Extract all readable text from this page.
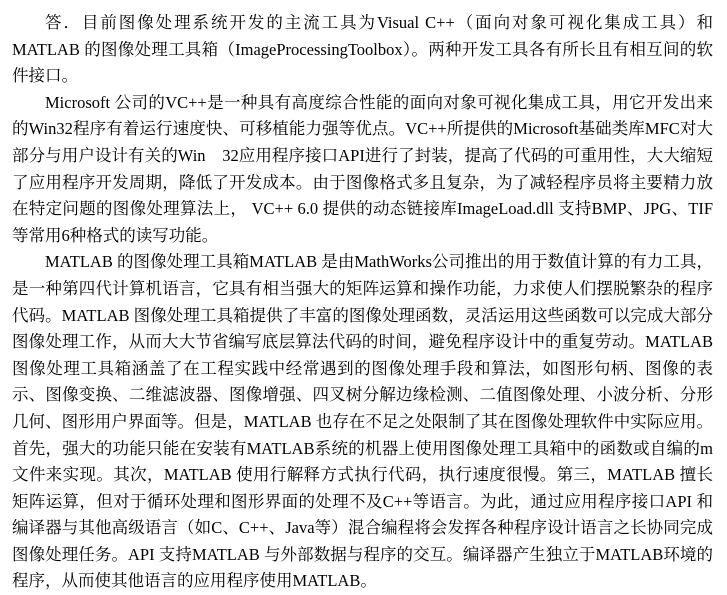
答．目前图像处理系统开发的主流工具为Visual C++（面向对象可视化集成工具）和MATLAB 的图像处理工具箱（ImageProcessingToolbox）。两种开发工具各有所长且有相互间的软件接口。

Microsoft 公司的VC++是一种具有高度综合性能的面向对象可视化集成工具，用它开发出来的Win32程序有着运行速度快、可移植能力强等优点。VC++所提供的Microsoft基础类库MFC对大部分与用户设计有关的Win　32应用程序接口API进行了封装，提高了代码的可重用性，大大缩短了应用程序开发周期，降低了开发成本。由于图像格式多且复杂，为了减轻程序员将主要精力放在特定问题的图像处理算法上， VC++ 6.0 提供的动态链接库ImageLoad.dll 支持BMP、JPG、TIF等常用6种格式的读写功能。

MATLAB 的图像处理工具箱MATLAB 是由MathWorks公司推出的用于数值计算的有力工具，是一种第四代计算机语言，它具有相当强大的矩阵运算和操作功能，力求使人们摆脱繁杂的程序代码。MATLAB 图像处理工具箱提供了丰富的图像处理函数，灵活运用这些函数可以完成大部分图像处理工作，从而大大节省编写底层算法代码的时间，避免程序设计中的重复劳动。MATLAB图像处理工具箱涵盖了在工程实践中经常遇到的图像处理手段和算法，如图形句柄、图像的表示、图像变换、二维滤波器、图像增强、四叉树分解边缘检测、二值图像处理、小波分析、分形几何、图形用户界面等。但是，MATLAB 也存在不足之处限制了其在图像处理软件中实际应用。首先，强大的功能只能在安装有MATLAB系统的机器上使用图像处理工具箱中的函数或自编的m文件来实现。其次，MATLAB 使用行解释方式执行代码，执行速度很慢。第三，MATLAB 擅长矩阵运算，但对于循环处理和图形界面的处理不及C++等语言。为此，通过应用程序接口API 和编译器与其他高级语言（如C、C++、Java等）混合编程将会发挥各种程序设计语言之长协同完成图像处理任务。API 支持MATLAB 与外部数据与程序的交互。编译器产生独立于MATLAB环境的程序，从而使其他语言的应用程序使用MATLAB。
